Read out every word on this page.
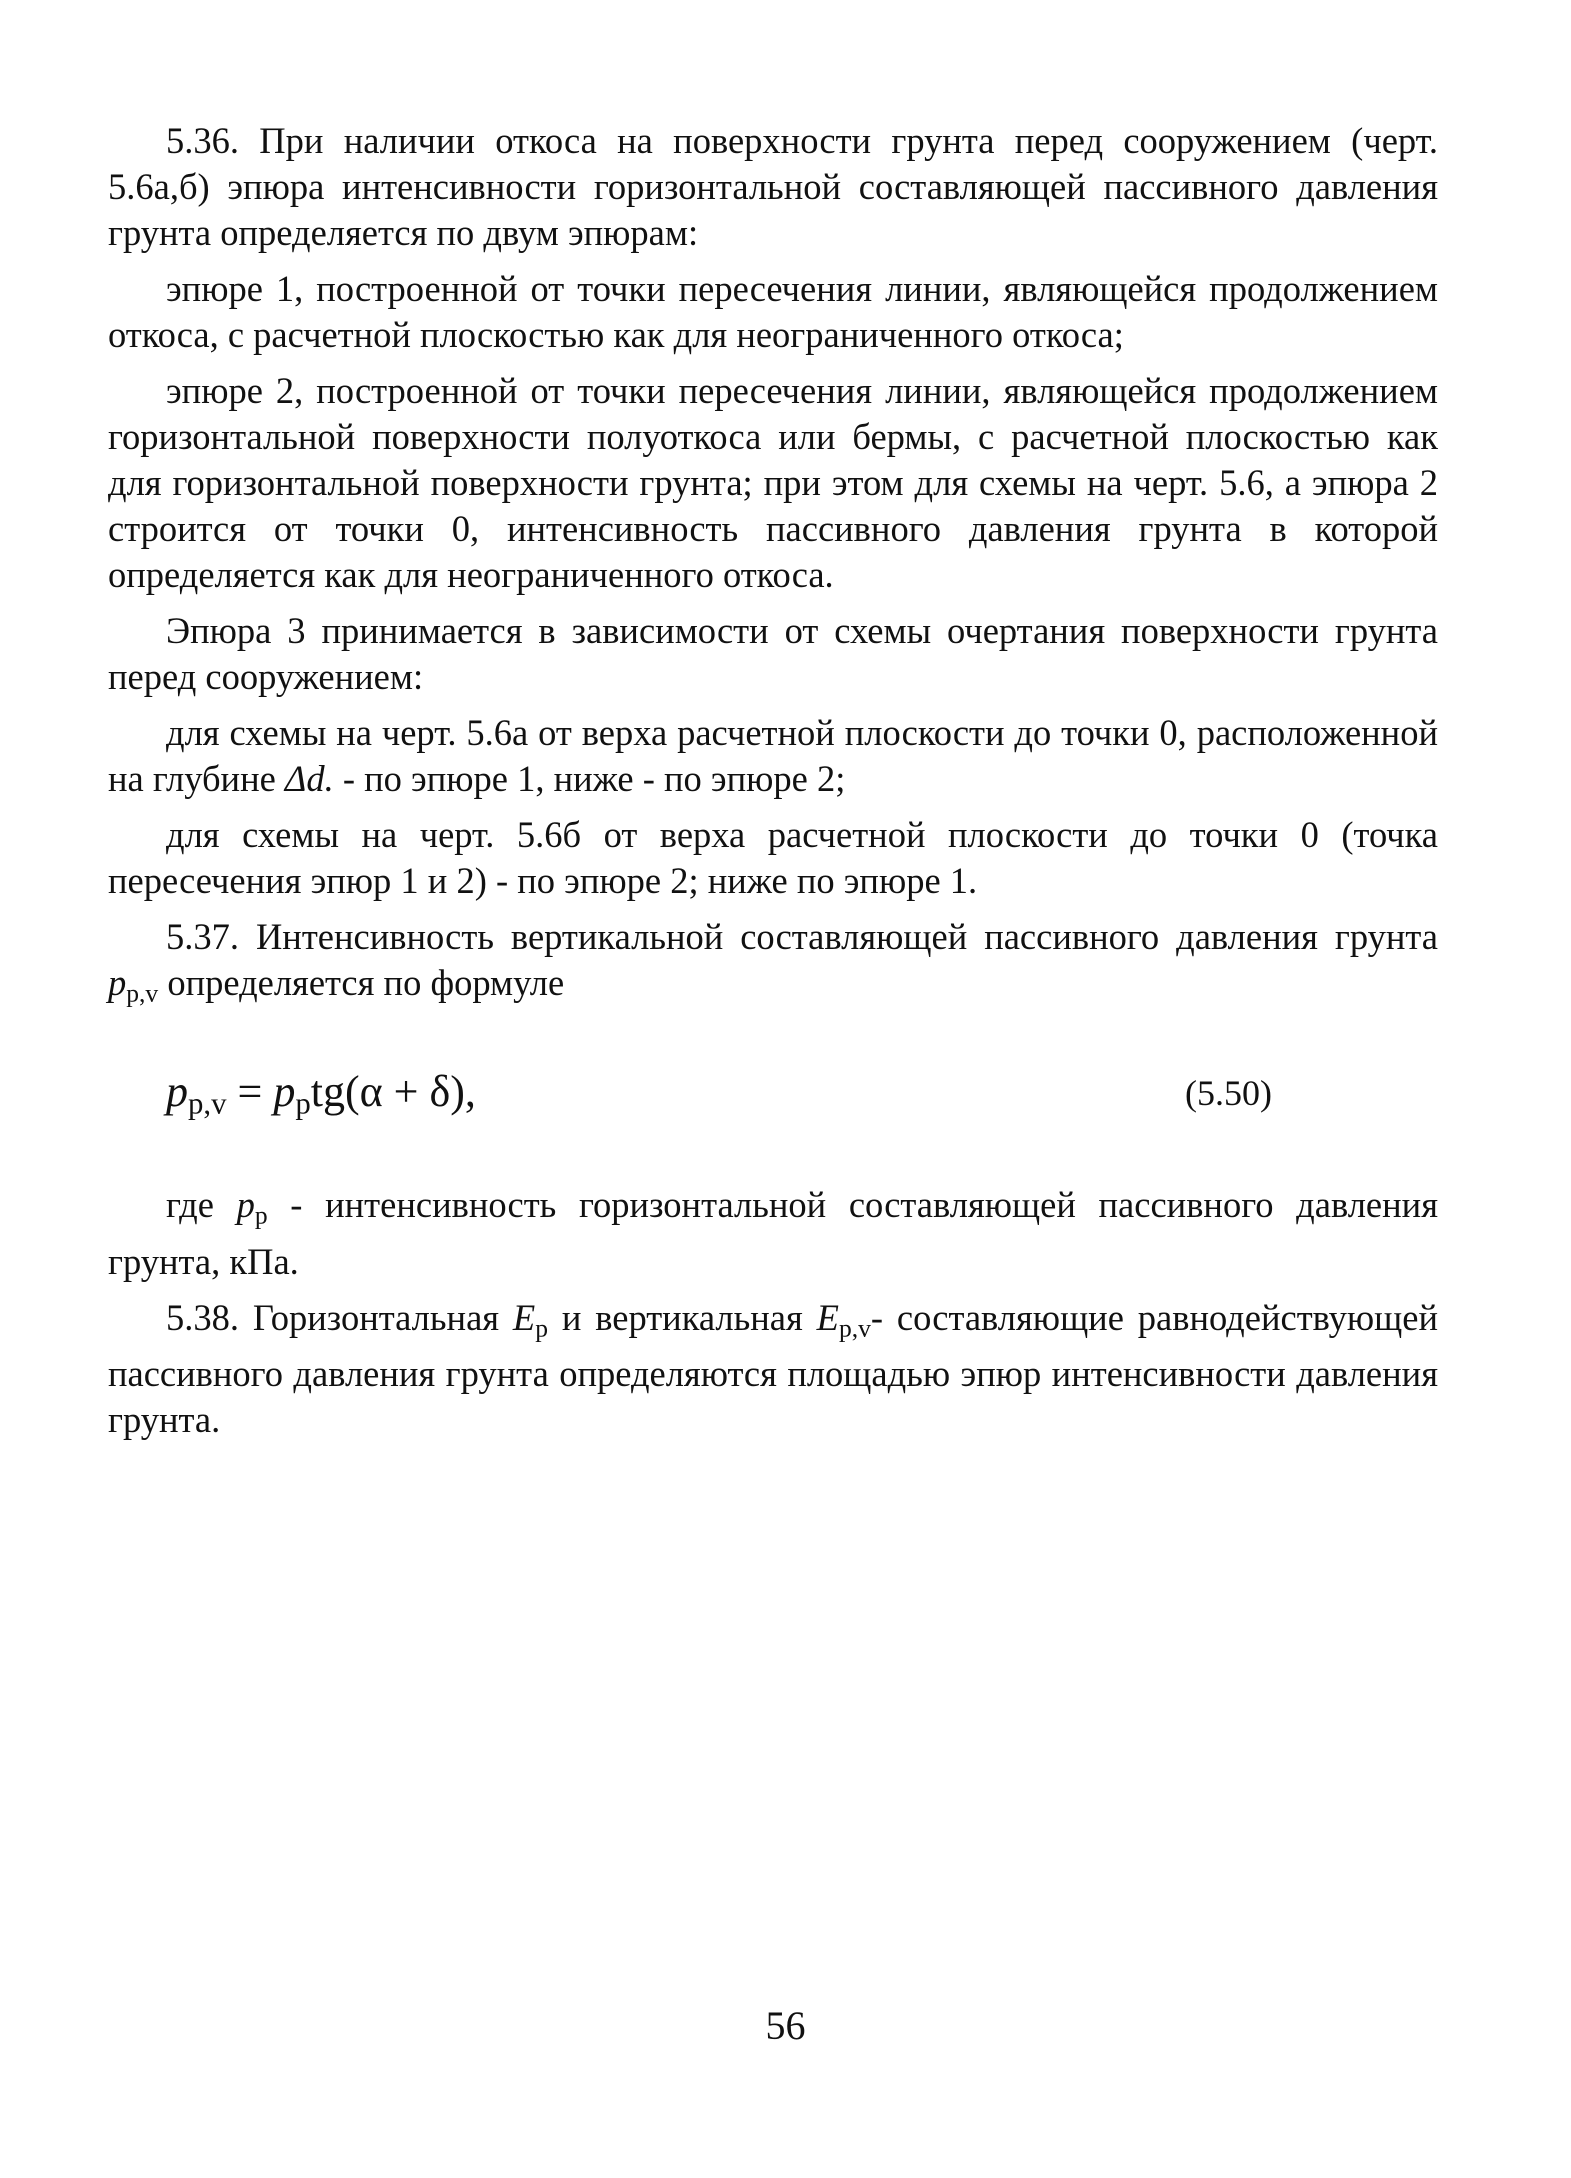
5.36. При наличии откоса на поверхности грунта перед сооружением (черт. 5.6а,б) эпюра интенсивности горизонтальной составляющей пассивного давления грунта определяется по двум эпюрам:

эпюре 1, построенной от точки пересечения линии, являющейся продолжением откоса, с расчетной плоскостью как для неограниченного откоса;

эпюре 2, построенной от точки пересечения линии, являющейся продолжением горизонтальной поверхности полуоткоса или бермы, с расчетной плоскостью как для горизонтальной поверхности грунта; при этом для схемы на черт. 5.6, а эпюра 2 строится от точки 0, интенсивность пассивного давления грунта в которой определяется как для неограниченного откоса.

Эпюра 3 принимается в зависимости от схемы очертания поверхности грунта перед сооружением:

для схемы на черт. 5.6а от верха расчетной плоскости до точки 0, расположенной на глубине Δd. - по эпюре 1, ниже - по эпюре 2;

для схемы на черт. 5.6б от верха расчетной плоскости до точки 0 (точка пересечения эпюр 1 и 2) - по эпюре 2; ниже по эпюре 1.

5.37. Интенсивность вертикальной составляющей пассивного давления грунта pp,v определяется по формуле

pp,v = pptg(α + δ),	(5.50)

где pp - интенсивность горизонтальной составляющей пассивного давления грунта, кПа.

5.38. Горизонтальная Ep и вертикальная Ep,v- составляющие равнодействующей пассивного давления грунта определяются площадью эпюр интенсивности давления грунта.

56
